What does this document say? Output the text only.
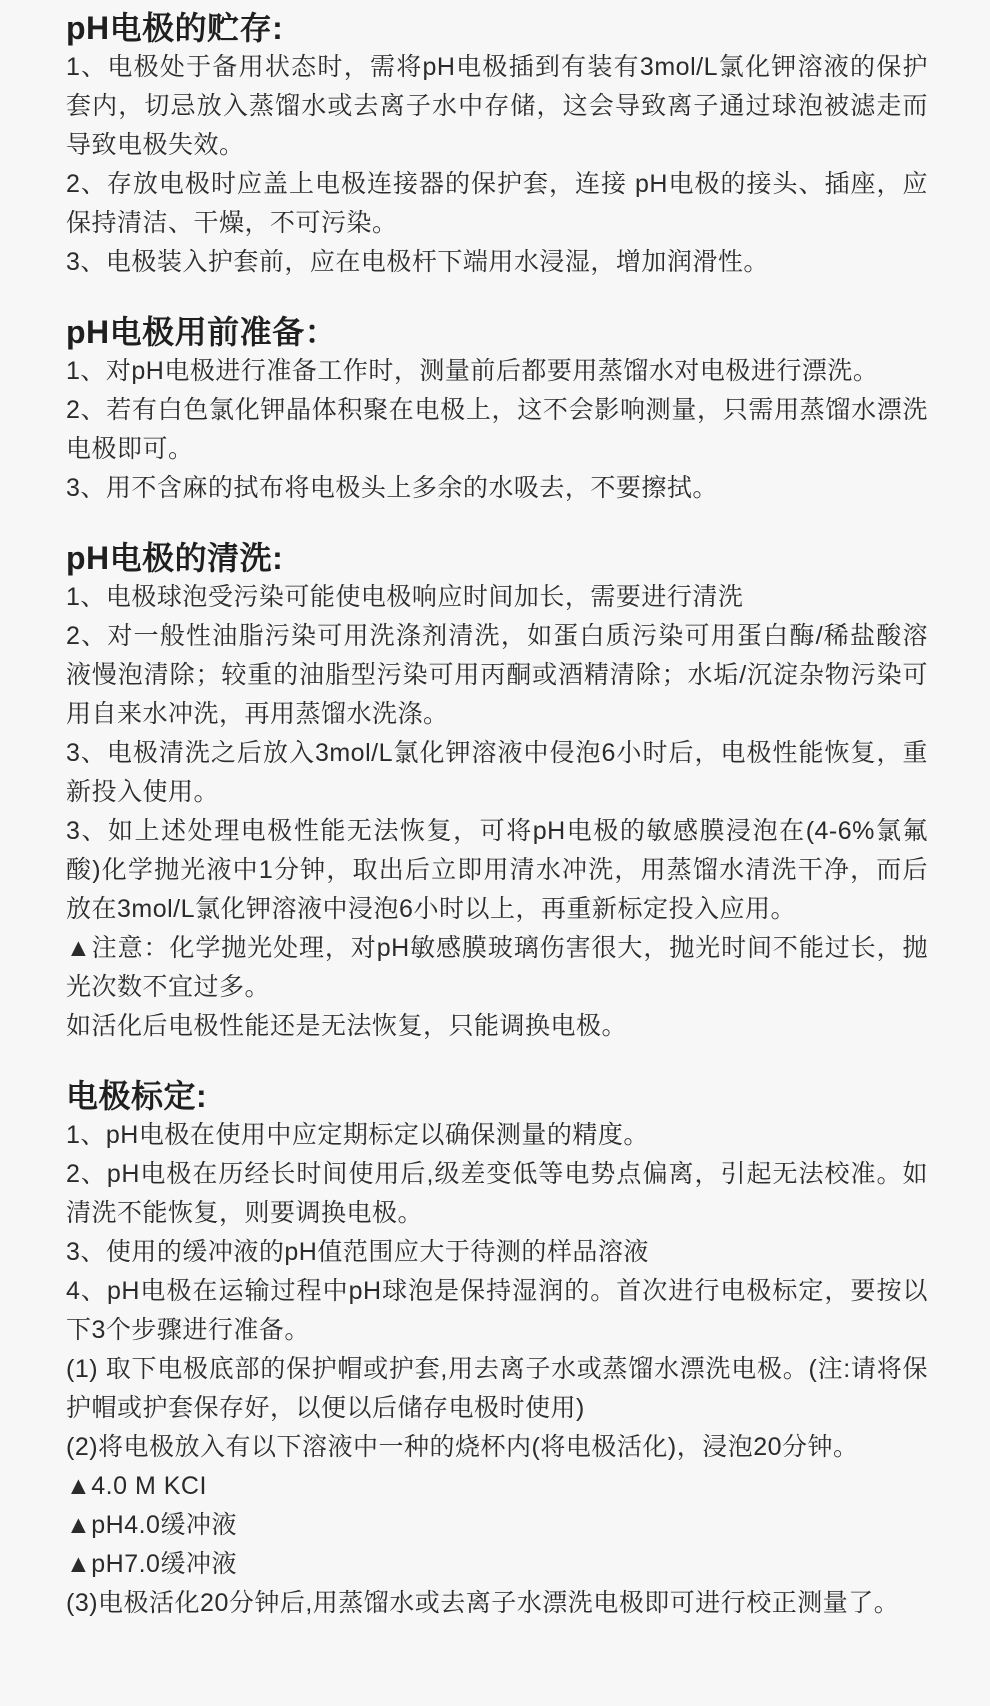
pH电极的贮存:

1、电极处于备用状态时，需将pH电极插到有装有3mol/L氯化钾溶液的保护套内，切忌放入蒸馏水或去离子水中存储，这会导致离子通过球泡被滤走而导致电极失效。

2、存放电极时应盖上电极连接器的保护套，连接 pH电极的接头、插座，应保持清洁、干燥，不可污染。

3、电极装入护套前，应在电极杆下端用水浸湿，增加润滑性。

pH电极用前准备：

1、对pH电极进行准备工作时，测量前后都要用蒸馏水对电极进行漂洗。

2、若有白色氯化钾晶体积聚在电极上，这不会影响测量，只需用蒸馏水漂洗电极即可。

3、用不含麻的拭布将电极头上多余的水吸去，不要擦拭。

pH电极的清洗:

1、电极球泡受污染可能使电极响应时间加长，需要进行清洗

2、对一般性油脂污染可用洗涤剂清洗，如蛋白质污染可用蛋白酶/稀盐酸溶液慢泡清除；较重的油脂型污染可用丙酮或酒精清除；水垢/沉淀杂物污染可用自来水冲洗，再用蒸馏水洗涤。

3、电极清洗之后放入3mol/L氯化钾溶液中侵泡6小时后，电极性能恢复，重新投入使用。

3、如上述处理电极性能无法恢复，可将pH电极的敏感膜浸泡在(4-6%氯氟酸)化学抛光液中1分钟，取出后立即用清水冲洗，用蒸馏水清洗干净，而后放在3mol/L氯化钾溶液中浸泡6小时以上，再重新标定投入应用。

▲注意：化学抛光处理，对pH敏感膜玻璃伤害很大，抛光时间不能过长，抛光次数不宜过多。

如活化后电极性能还是无法恢复，只能调换电极。

电极标定:

1、pH电极在使用中应定期标定以确保测量的精度。

2、pH电极在历经长时间使用后,级差变低等电势点偏离，引起无法校准。如清洗不能恢复，则要调换电极。

3、使用的缓冲液的pH值范围应大于待测的样品溶液

4、pH电极在运输过程中pH球泡是保持湿润的。首次进行电极标定，要按以下3个步骤进行准备。

(1) 取下电极底部的保护帽或护套,用去离子水或蒸馏水漂洗电极。(注:请将保护帽或护套保存好，以便以后储存电极时使用)

(2)将电极放入有以下溶液中一种的烧杯内(将电极活化)，浸泡20分钟。

▲4.0 M KCI

▲pH4.0缓冲液

▲pH7.0缓冲液

(3)电极活化20分钟后,用蒸馏水或去离子水漂洗电极即可进行校正测量了。
